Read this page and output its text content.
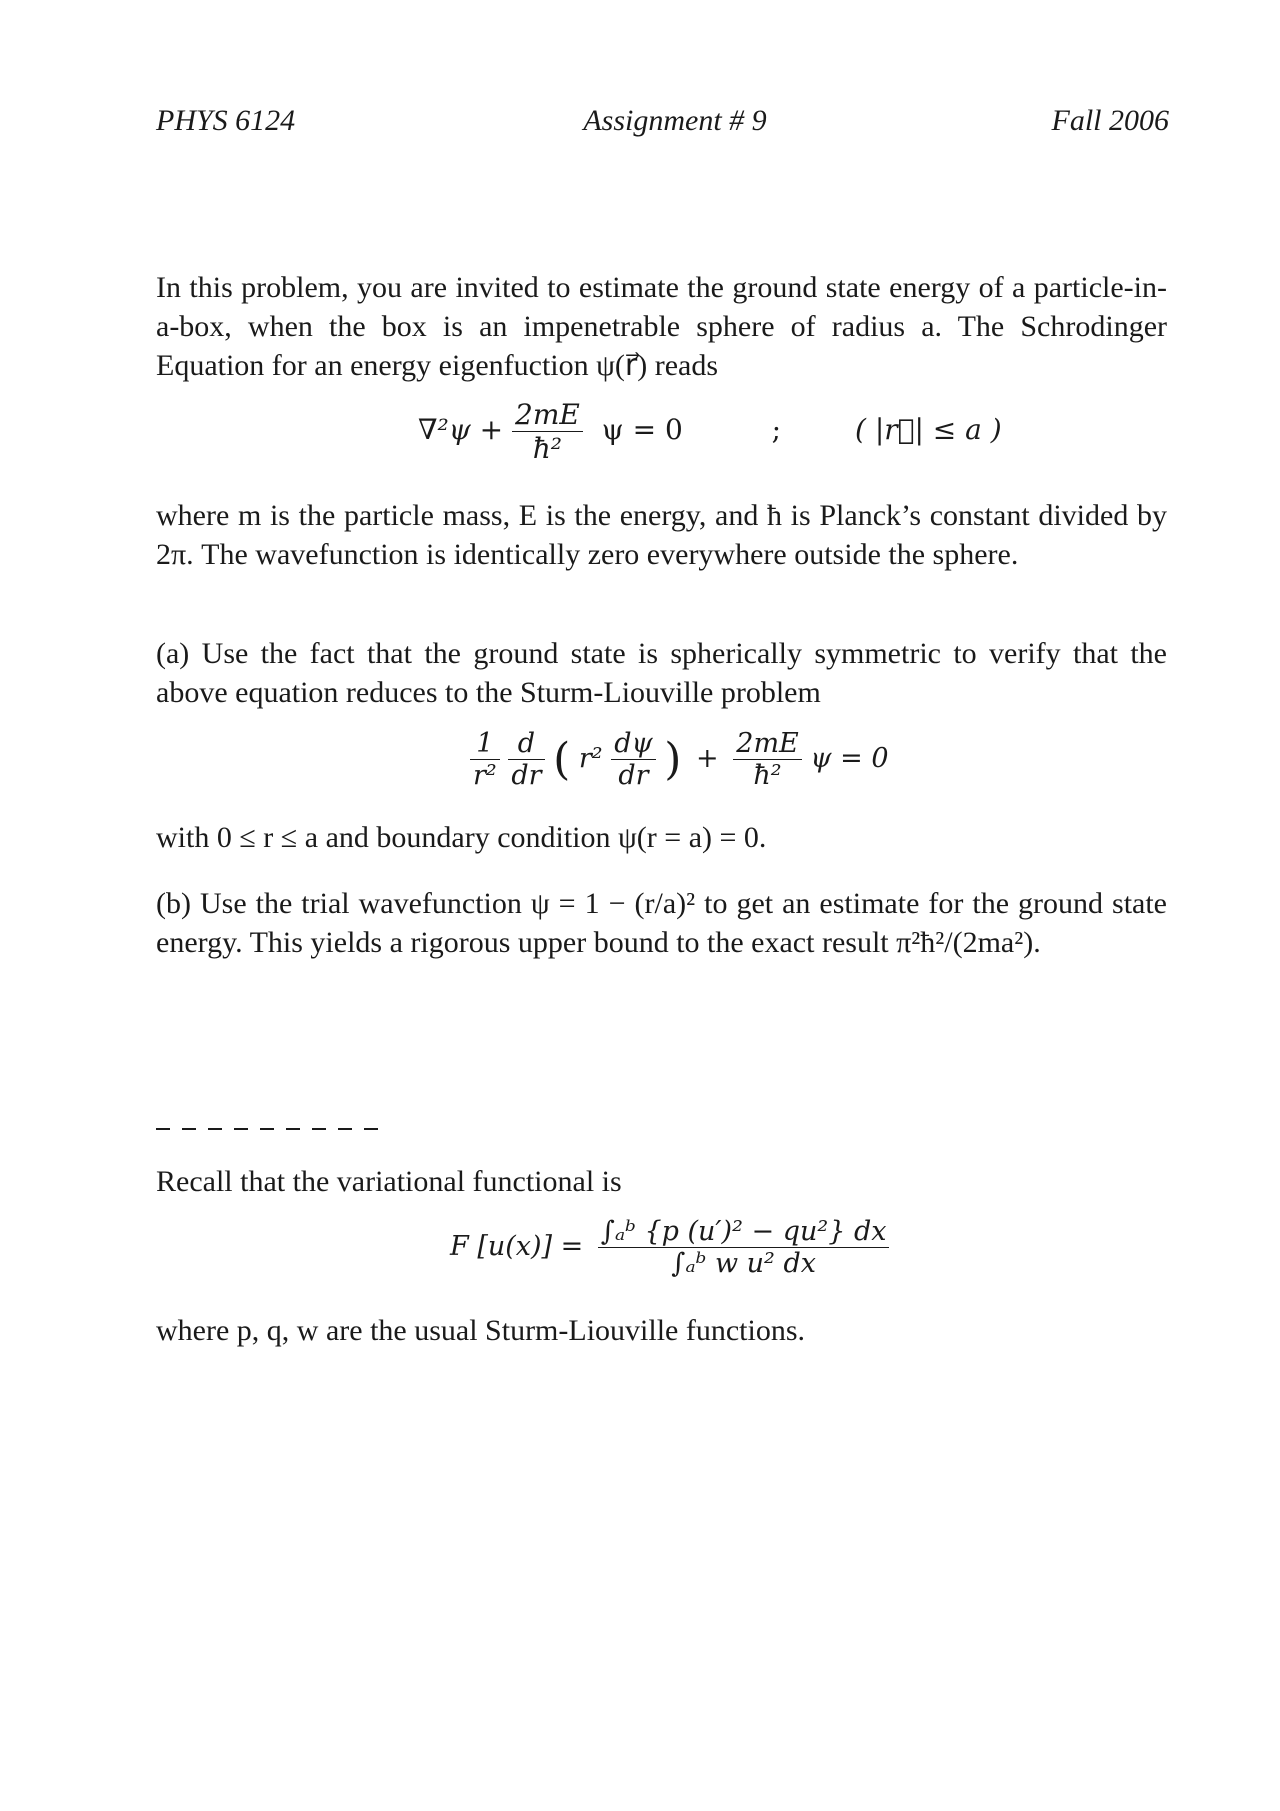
PHYS 6124	Assignment # 9	Fall 2006
In this problem, you are invited to estimate the ground state energy of a particle-in-a-box, when the box is an impenetrable sphere of radius a. The Schrodinger Equation for an energy eigenfuction ψ(r⃗) reads
$\nabla^2\psi + \frac{2mE}{\text{ħ²}}$ ψ = 0	;	( |r⃗| ≤ a )
where m is the particle mass, E is the energy, and ħ is Planck’s constant divided by 2π. The wavefunction is identically zero everywhere outside the sphere.
(a) Use the fact that the ground state is spherically symmetric to verify that the above equation reduces to the Sturm-Liouville problem
$\frac{1}{\text{r²}}$
$\frac{d}{dr}$ ( $r^2 \frac{d\psi}{dr}$ ) + $\frac{2mE}{\text{ħ²}}$ ψ = 0
with 0 ≤ r ≤ a and boundary condition ψ(r = a) = 0.
(b) Use the trial wavefunction ψ = 1 − (r/a)² to get an estimate for the ground state energy. This yields a rigorous upper bound to the exact result π²ħ²/(2ma²).
Recall that the variational functional is
F $[u(x)] = \frac{\text{∫ₐᵇ \{p (u′)² − qu²\} dx}}{\text{∫ₐᵇ w u² dx}}$
where p, q, w are the usual Sturm-Liouville functions.
